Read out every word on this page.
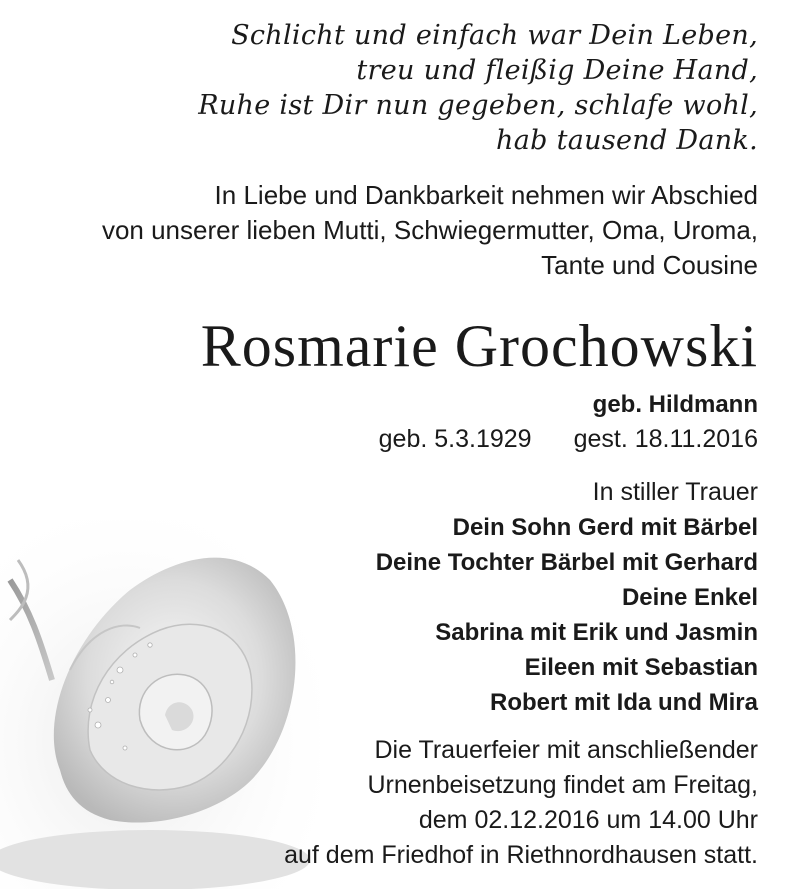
Schlicht und einfach war Dein Leben,
treu und fleißig Deine Hand,
Ruhe ist Dir nun gegeben, schlafe wohl,
hab tausend Dank.
In Liebe und Dankbarkeit nehmen wir Abschied
von unserer lieben Mutti, Schwiegermutter, Oma, Uroma,
Tante und Cousine
Rosmarie Grochowski
geb. Hildmann
geb. 5.3.1929 gest. 18.11.2016
In stiller Trauer
Dein Sohn Gerd mit Bärbel
Deine Tochter Bärbel mit Gerhard
Deine Enkel
Sabrina mit Erik und Jasmin
Eileen mit Sebastian
Robert mit Ida und Mira
Die Trauerfeier mit anschließender
Urnenbeisetzung findet am Freitag,
dem 02.12.2016 um 14.00 Uhr
auf dem Friedhof in Riethnordhausen statt.
